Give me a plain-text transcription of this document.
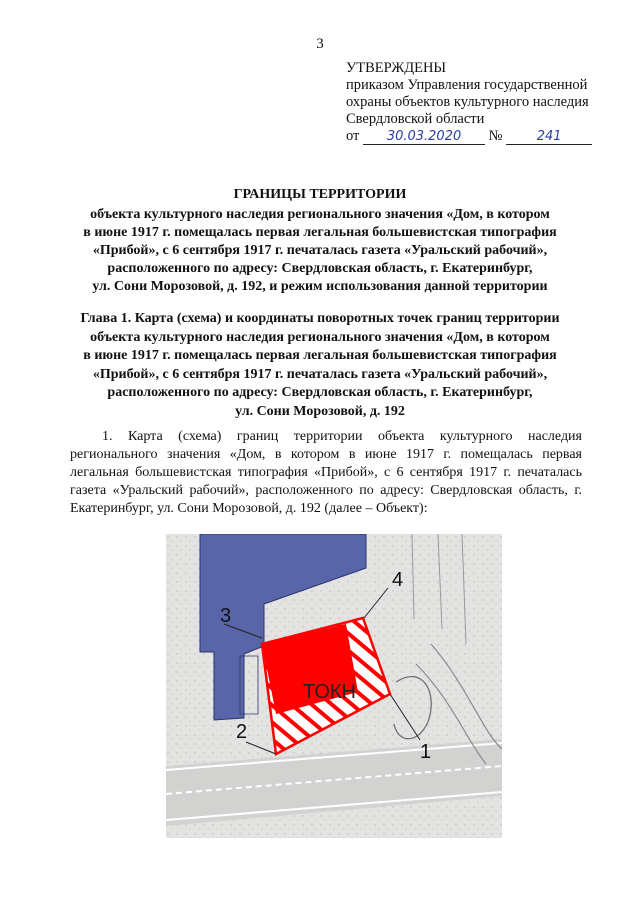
3
УТВЕРЖДЕНЫ
приказом Управления государственной
охраны объектов культурного наследия
Свердловской области
от 30.03.2020 №	241
ГРАНИЦЫ ТЕРРИТОРИИ
объекта культурного наследия регионального значения «Дом, в котором
в июне 1917 г. помещалась первая легальная большевистская типография
«Прибой», с 6 сентября 1917 г. печаталась газета «Уральский рабочий»,
расположенного по адресу: Свердловская область, г. Екатеринбург,
ул. Сони Морозовой, д. 192, и режим использования данной территории
Глава 1. Карта (схема) и координаты поворотных точек границ территории
объекта культурного наследия регионального значения «Дом, в котором
в июне 1917 г. помещалась первая легальная большевистская типография
«Прибой», с 6 сентября 1917 г. печаталась газета «Уральский рабочий»,
расположенного по адресу: Свердловская область, г. Екатеринбург,
ул. Сони Морозовой, д. 192
1. Карта (схема) границ территории объекта культурного наследия регионального значения «Дом, в котором в июне 1917 г. помещалась первая легальная большевистская типография «Прибой», с 6 сентября 1917 г. печаталась газета «Уральский рабочий», расположенного по адресу: Свердловская область, г. Екатеринбург, ул. Сони Морозовой, д. 192 (далее – Объект):
ТОКН
3
4
2
1
